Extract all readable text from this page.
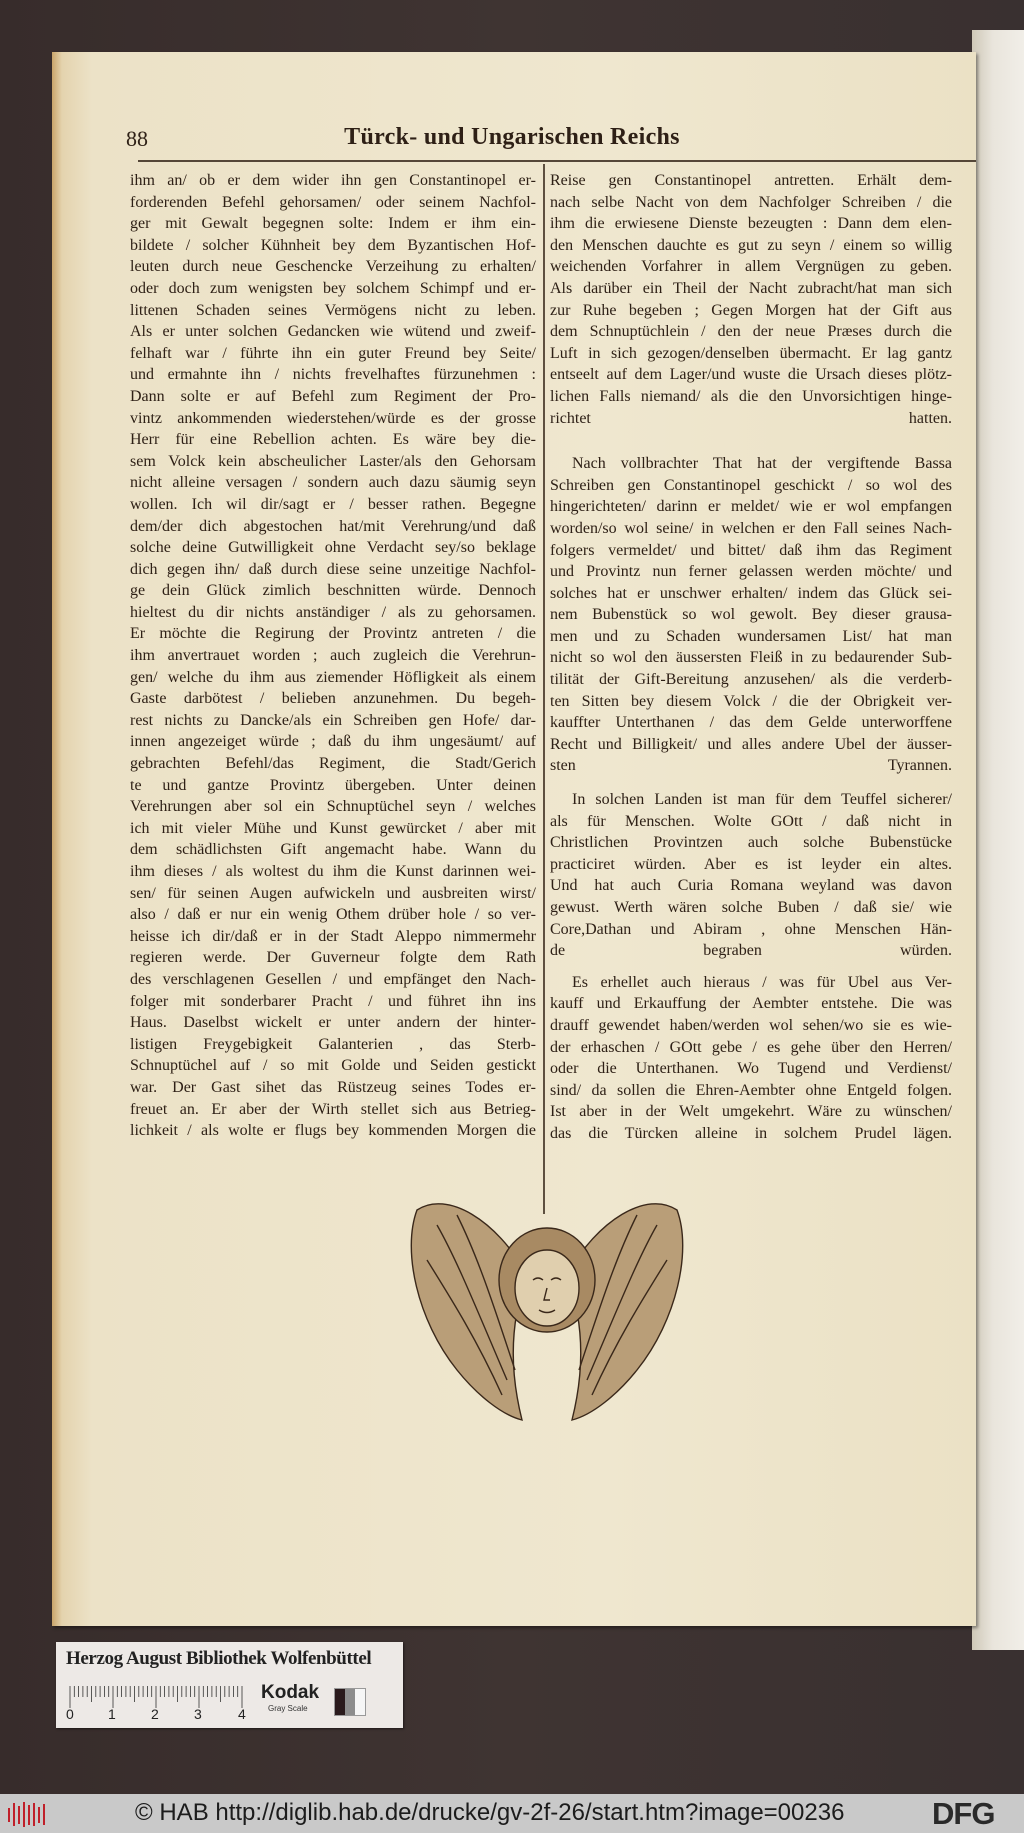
88	Türck- und Ungarischen Reichs
ihm an/ ob er dem wider ihn gen Constantinopel er-
forderenden Befehl gehorsamen/ oder seinem Nachfol-
ger mit Gewalt begegnen solte: Indem er ihm ein-
bildete / solcher Kühnheit bey dem Byzantischen Hof-
leuten durch neue Geschencke Verzeihung zu erhalten/
oder doch zum wenigsten bey solchem Schimpf und er-
littenen Schaden seines Vermögens nicht zu leben.
Als er unter solchen Gedancken wie wütend und zweif-
felhaft war / führte ihn ein guter Freund bey Seite/
und ermahnte ihn / nichts frevelhaftes fürzunehmen :
Dann solte er auf Befehl zum Regiment der Pro-
vintz ankommenden wiederstehen/würde es der grosse
Herr für eine Rebellion achten. Es wäre bey die-
sem Volck kein abscheulicher Laster/als den Gehorsam
nicht alleine versagen / sondern auch dazu säumig seyn
wollen. Ich wil dir/sagt er / besser rathen. Begegne
dem/der dich abgestochen hat/mit Verehrung/und daß
solche deine Gutwilligkeit ohne Verdacht sey/so beklage
dich gegen ihn/ daß durch diese seine unzeitige Nachfol-
ge dein Glück zimlich beschnitten würde. Dennoch
hieltest du dir nichts anständiger / als zu gehorsamen.
Er möchte die Regirung der Provintz antreten / die
ihm anvertrauet worden ; auch zugleich die Verehrun-
gen/ welche du ihm aus ziemender Höfligkeit als einem
Gaste darbötest / belieben anzunehmen. Du begeh-
rest nichts zu Dancke/als ein Schreiben gen Hofe/ dar-
innen angezeiget würde ; daß du ihm ungesäumt/ auf
gebrachten Befehl/das Regiment, die Stadt/Gerich
te und gantze Provintz übergeben. Unter deinen
Verehrungen aber sol ein Schnuptüchel seyn / welches
ich mit vieler Mühe und Kunst gewürcket / aber mit
dem schädlichsten Gift angemacht habe. Wann du
ihm dieses / als woltest du ihm die Kunst darinnen wei-
sen/ für seinen Augen aufwickeln und ausbreiten wirst/
also / daß er nur ein wenig Othem drüber hole / so ver-
heisse ich dir/daß er in der Stadt Aleppo nimmermehr
regieren werde. Der Guverneur folgte dem Rath
des verschlagenen Gesellen / und empfänget den Nach-
folger mit sonderbarer Pracht / und führet ihn ins
Haus. Daselbst wickelt er unter andern der hinter-
listigen Freygebigkeit Galanterien , das Sterb-
Schnuptüchel auf / so mit Golde und Seiden gestickt
war. Der Gast sihet das Rüstzeug seines Todes er-
freuet an. Er aber der Wirth stellet sich aus Betrieg-
lichkeit / als wolte er flugs bey kommenden Morgen die
Reise gen Constantinopel antretten. Erhält dem-
nach selbe Nacht von dem Nachfolger Schreiben / die
ihm die erwiesene Dienste bezeugten : Dann dem elen-
den Menschen dauchte es gut zu seyn / einem so willig
weichenden Vorfahrer in allem Vergnügen zu geben.
Als darüber ein Theil der Nacht zubracht/hat man sich
zur Ruhe begeben ; Gegen Morgen hat der Gift aus
dem Schnuptüchlein / den der neue Præses durch die
Luft in sich gezogen/denselben übermacht. Er lag gantz
entseelt auf dem Lager/und wuste die Ursach dieses plötz-
lichen Falls niemand/ als die den Unvorsichtigen hinge-
richtet hatten.
Nach vollbrachter That hat der vergiftende Bassa
Schreiben gen Constantinopel geschickt / so wol des
hingerichteten/ darinn er meldet/ wie er wol empfangen
worden/so wol seine/ in welchen er den Fall seines Nach-
folgers vermeldet/ und bittet/ daß ihm das Regiment
und Provintz nun ferner gelassen werden möchte/ und
solches hat er unschwer erhalten/ indem das Glück sei-
nem Bubenstück so wol gewolt. Bey dieser grausa-
men und zu Schaden wundersamen List/ hat man
nicht so wol den äussersten Fleiß in zu bedaurender Sub-
tilität der Gift-Bereitung anzusehen/ als die verderb-
ten Sitten bey diesem Volck / die der Obrigkeit ver-
kauffter Unterthanen / das dem Gelde unterworffene
Recht und Billigkeit/ und alles andere Ubel der äusser-
sten Tyrannen.
In solchen Landen ist man für dem Teuffel sicherer/
als für Menschen. Wolte GOtt / daß nicht in
Christlichen Provintzen auch solche Bubenstücke
practiciret würden. Aber es ist leyder ein altes.
Und hat auch Curia Romana weyland was davon
gewust. Werth wären solche Buben / daß sie/ wie
Core,Dathan und Abiram , ohne Menschen Hän-
de begraben würden.
Es erhellet auch hieraus / was für Ubel aus Ver-
kauff und Erkauffung der Aembter entstehe. Die was
drauff gewendet haben/werden wol sehen/wo sie es wie-
der erhaschen / GOtt gebe / es gehe über den Herren/
oder die Unterthanen. Wo Tugend und Verdienst/
sind/ da sollen die Ehren-Aembter ohne Entgeld folgen.
Ist aber in der Welt umgekehrt. Wäre zu wünschen/
das die Türcken alleine in solchem Prudel lägen.
Herzog August Bibliothek Wolfenbüttel
0 1	2	3	4
Kodak
Gray Scale
© HAB http://diglib.hab.de/drucke/gv-2f-26/start.htm?image=00236	DFG
